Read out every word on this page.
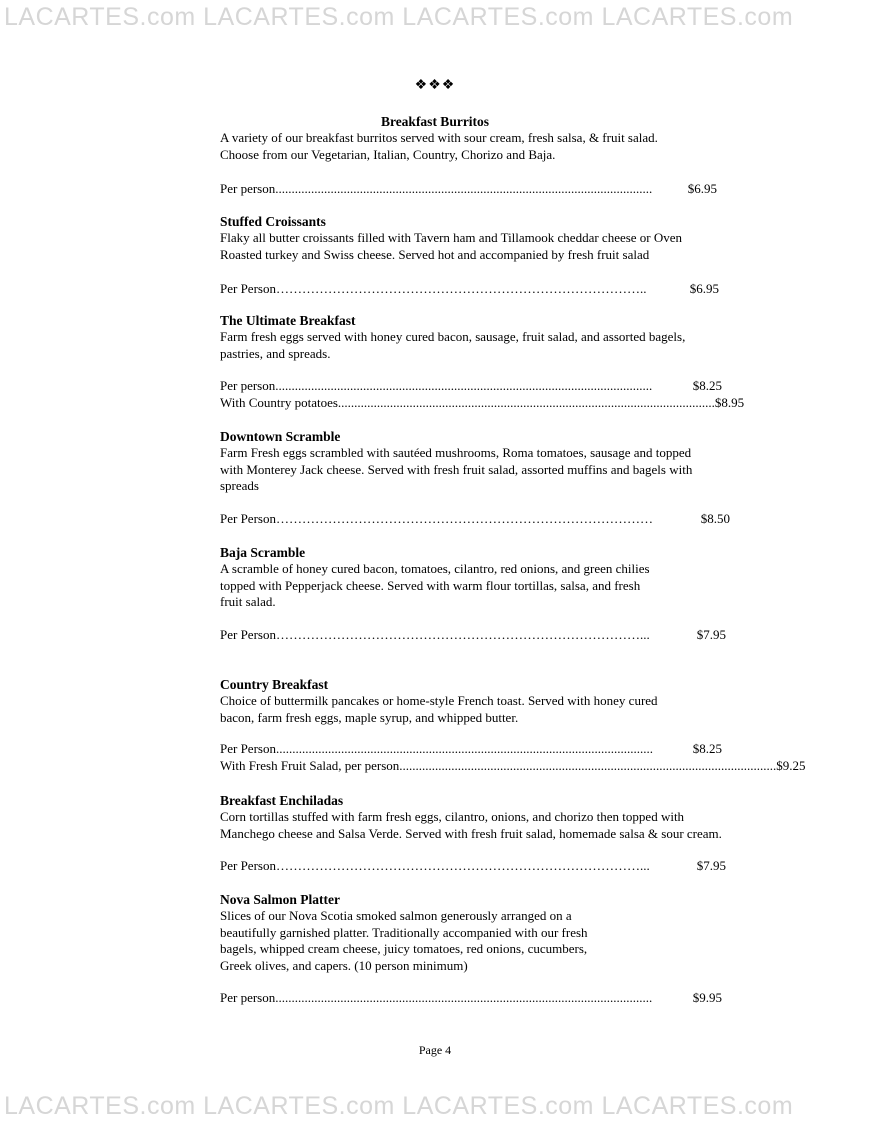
LACARTES.com LACARTES.com LACARTES.com LACARTES.com
LACARTES.com LACARTES.com LACARTES.com LACARTES.com
❖❖❖
Breakfast Burritos

A variety of our breakfast burritos served with sour cream, fresh salsa, & fruit salad.

Choose from our Vegetarian, Italian, Country, Chorizo and Baja.

Per person ....................................................................................................................	$6.95
Stuffed Croissants

Flaky all butter croissants filled with Tavern ham and Tillamook cheddar cheese or Oven

Roasted turkey and Swiss cheese. Served hot and accompanied by fresh fruit salad

Per Person …………………………………………………………………………..	$6.95
The Ultimate Breakfast

Farm fresh eggs served with honey cured bacon, sausage, fruit salad, and assorted bagels,

pastries, and spreads.

Per person ....................................................................................................................	$8.25
With Country potatoes .................................................................................................................... $8.95
Downtown Scramble

Farm Fresh eggs scrambled with sautéed mushrooms, Roma tomatoes, sausage and topped

with Monterey Jack cheese. Served with fresh fruit salad, assorted muffins and bagels with

spreads

Per Person ……………………………………………………………………………	$8.50
Baja Scramble

A scramble of honey cured bacon, tomatoes, cilantro, red onions, and green chilies

topped with Pepperjack cheese. Served with warm flour tortillas, salsa, and fresh

fruit salad.

Per Person …………………………………………………………………………...	$7.95
Country Breakfast

Choice of buttermilk pancakes or home-style French toast. Served with honey cured

bacon, farm fresh eggs, maple syrup, and whipped butter.

Per Person ....................................................................................................................	$8.25
With Fresh Fruit Salad, per person .................................................................................................................... $9.25
Breakfast Enchiladas

Corn tortillas stuffed with farm fresh eggs, cilantro, onions, and chorizo then topped with

Manchego cheese and Salsa Verde. Served with fresh fruit salad, homemade salsa & sour cream.

Per Person …………………………………………………………………………...	$7.95
Nova Salmon Platter

Slices of our Nova Scotia smoked salmon generously arranged on a

beautifully garnished platter. Traditionally accompanied with our fresh

bagels, whipped cream cheese, juicy tomatoes, red onions, cucumbers,

Greek olives, and capers. (10 person minimum)

Per person ....................................................................................................................	$9.95
Page 4
